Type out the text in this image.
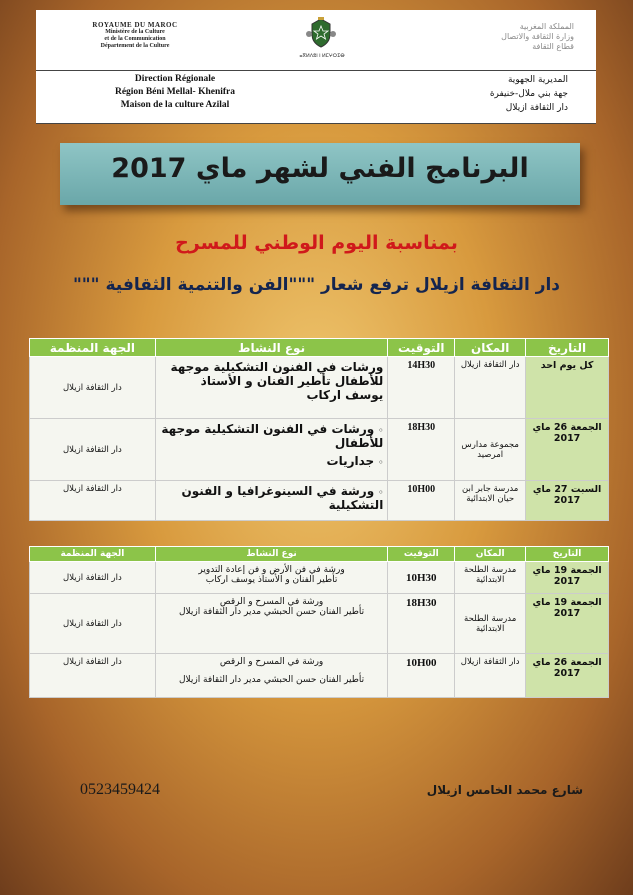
ROYAUME DU MAROC
Ministère de la Culture
et de la Communication
Département de la Culture
ⴰⴳⵍⴷⵓⵏ ⵏ ⵍⵎⵖⵔⵉⴱ
المملكة المغربية
وزارة الثقافة والاتصال
قطاع الثقافة
Direction Régionale
Région Béni Mellal- Khenifra
Maison de la culture Azilal
المديرية الجهوية
جهة بني ملال-خنيفرة
دار الثقافة ازيلال
البرنامج الفني لشهر ماي 2017
بمناسبة اليوم الوطني للمسرح
دار الثقافة ازيلال ترفع شعار """الفن والتنمية الثقافية """
التاريخ	المكان	التوقيت	نوع النشاط	الجهة المنظمة
كل يوم احد	دار الثقافة ازيلال	14H30	ورشات في الفنون التشكيلية موجهة للأطفال تأطير الفنان و الأستاذ يوسف اركاب	دار الثقافة ازيلال
الجمعة 26 ماي 2017	مجموعة مدارس امرصيد	18H30	◦ورشات في الفنون التشكيلية موجهة للأطفال
◦جداريات	دار الثقافة ازيلال
السبت 27 ماي 2017	مدرسة جابر ابن حيان الابتدائية	10H00	◦ورشة في السينوغرافيا و الفنون التشكيلية	دار الثقافة ازيلال
التاريخ	المكان	التوقيت	نوع النشاط	الجهة المنظمة
الجمعة 19 ماي 2017	مدرسة الطلحة الابتدائية	10H30	ورشة في فن الأرض و فن إعادة التدوير
تأطير الفنان و الأستاذ يوسف اركاب	دار الثقافة ازيلال
الجمعة 19 ماي 2017	مدرسة الطلحة الابتدائية	18H30	ورشة في المسرح و الرقص
تأطير الفنان حسن الحبشي مدير دار الثقافة ازيلال	دار الثقافة ازيلال
الجمعة 26 ماي 2017	دار الثقافة ازيلال	10H00	ورشة في المسرح و الرقص
تأطير الفنان حسن الحبشي مدير دار الثقافة ازيلال	دار الثقافة ازيلال
0523459424	شارع محمد الخامس ازيلال
